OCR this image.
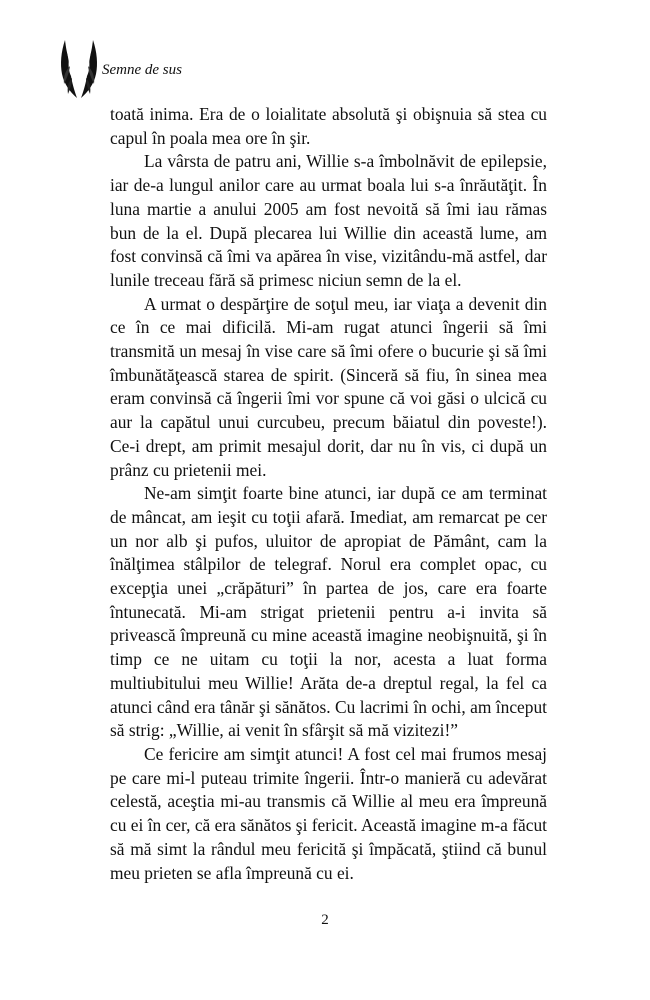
Semne de sus

toată inima. Era de o loialitate absolută şi obişnuia să stea cu capul în poala mea ore în şir.

La vârsta de patru ani, Willie s-a îmbolnăvit de epilepsie, iar de-a lungul anilor care au urmat boala lui s-a înrăutăţit. În luna martie a anului 2005 am fost nevoită să îmi iau rămas bun de la el. După plecarea lui Willie din această lume, am fost convinsă că îmi va apărea în vise, vizitându-mă astfel, dar lunile treceau fără să primesc niciun semn de la el.

A urmat o despărţire de soţul meu, iar viaţa a devenit din ce în ce mai dificilă. Mi-am rugat atunci îngerii să îmi transmită un mesaj în vise care să îmi ofere o bucurie şi să îmi îmbunătăţească starea de spirit. (Sinceră să fiu, în sinea mea eram convinsă că îngerii îmi vor spune că voi găsi o ulcică cu aur la capătul unui curcubeu, precum băiatul din poveste!). Ce-i drept, am primit mesajul dorit, dar nu în vis, ci după un prânz cu prietenii mei.

Ne-am simţit foarte bine atunci, iar după ce am terminat de mâncat, am ieşit cu toţii afară. Imediat, am remarcat pe cer un nor alb şi pufos, uluitor de apropiat de Pământ, cam la înălţimea stâlpilor de telegraf. Norul era complet opac, cu excepţia unei „crăpături” în partea de jos, care era foarte întunecată. Mi-am strigat prietenii pentru a-i invita să privească împreună cu mine această imagine neobişnuită, şi în timp ce ne uitam cu toţii la nor, acesta a luat forma multiubitului meu Willie! Arăta de-a dreptul regal, la fel ca atunci când era tânăr şi sănătos. Cu lacrimi în ochi, am început să strig: „Willie, ai venit în sfârşit să mă vizitezi!”

Ce fericire am simţit atunci! A fost cel mai frumos mesaj pe care mi-l puteau trimite îngerii. Într-o manieră cu adevărat celestă, aceştia mi-au transmis că Willie al meu era împreună cu ei în cer, că era sănătos şi fericit. Această imagine m-a făcut să mă simt la rândul meu fericită şi împăcată, ştiind că bunul meu prieten se afla împreună cu ei.

2
